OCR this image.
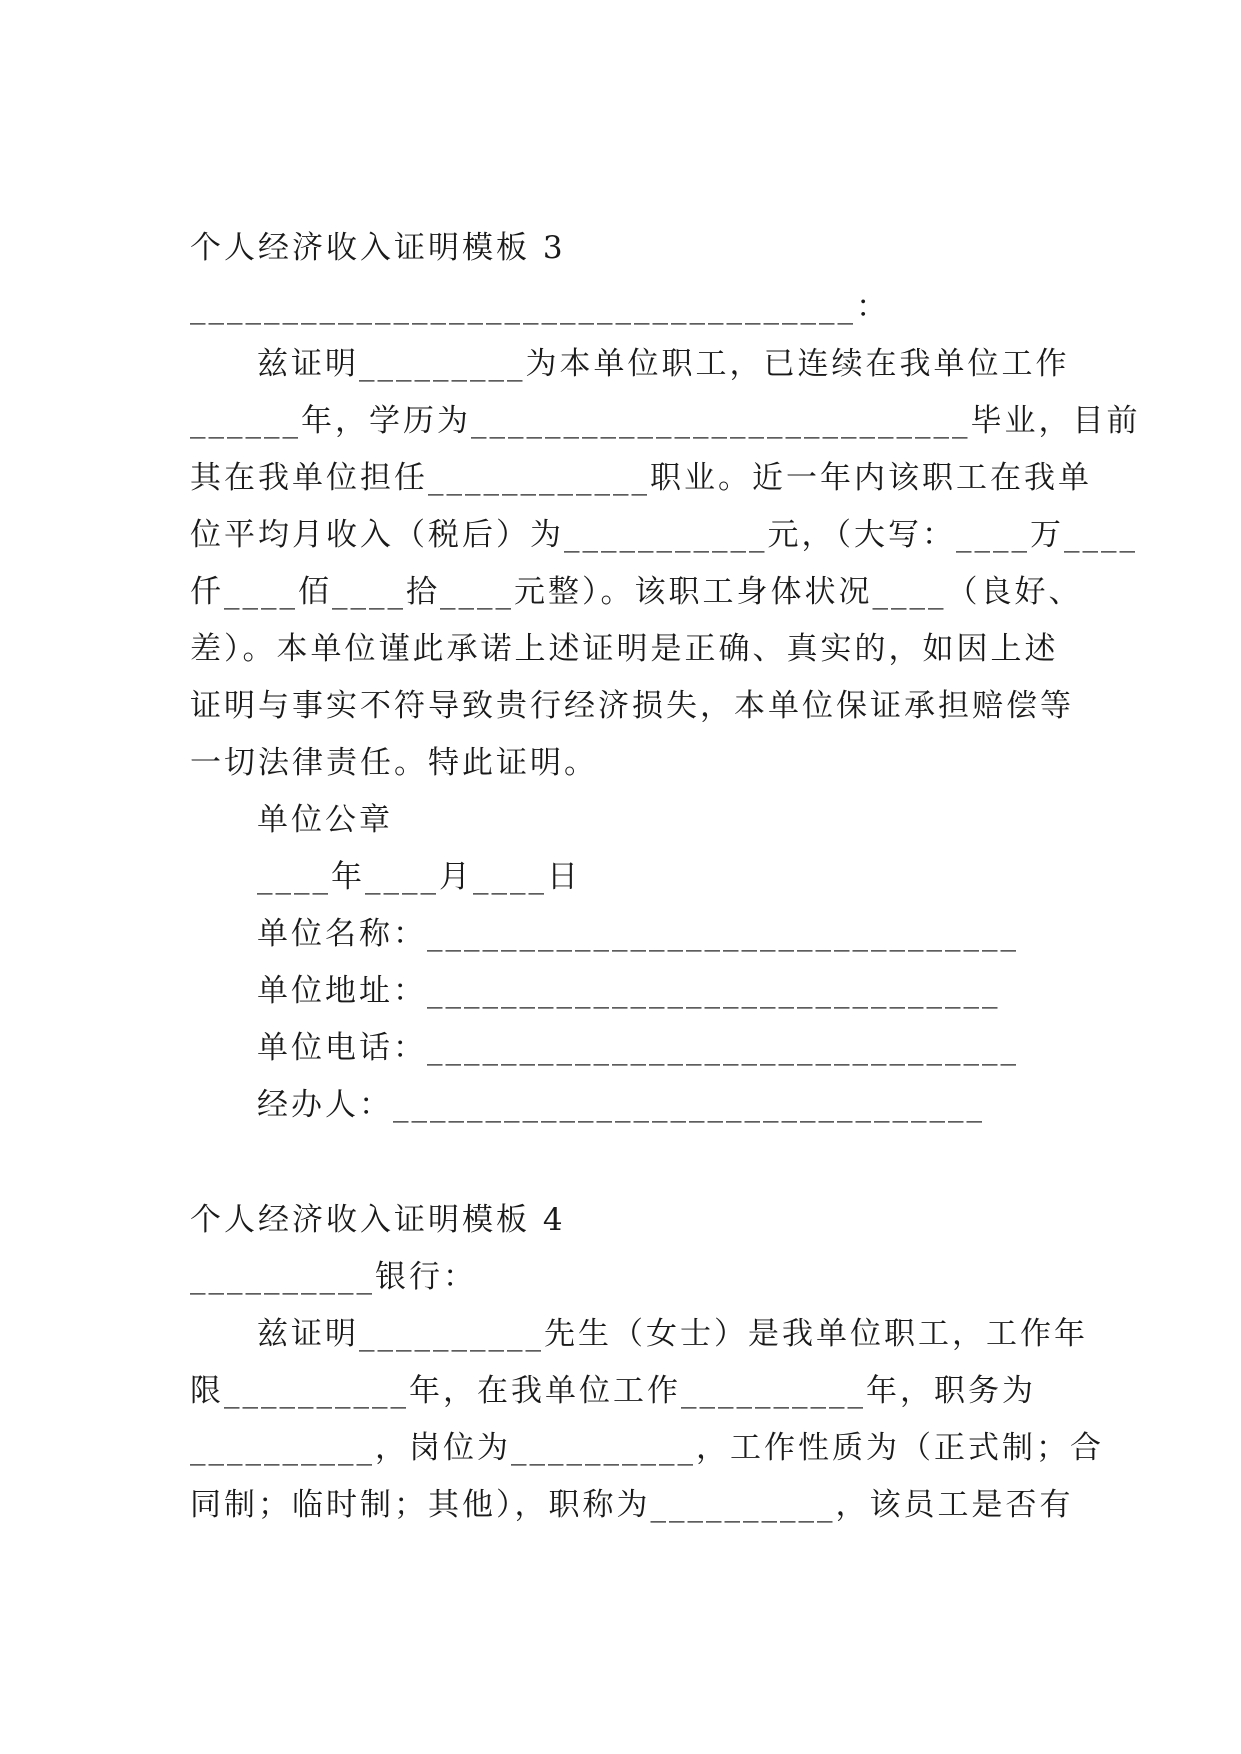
个人经济收入证明模板 3
____________________________________：
兹证明_________为本单位职工，已连续在我单位工作
______年，学历为___________________________毕业，目前
其在我单位担任____________职业。近一年内该职工在我单
位平均月收入（税后）为___________元，（大写：____万____
仟____佰____拾____元整）。该职工身体状况____（良好、
差）。本单位谨此承诺上述证明是正确、真实的，如因上述
证明与事实不符导致贵行经济损失，本单位保证承担赔偿等
一切法律责任。特此证明。
单位公章
____年____月____日
单位名称：________________________________
单位地址：_______________________________
单位电话：________________________________
经办人：________________________________
个人经济收入证明模板 4
__________银行：
兹证明__________先生（女士）是我单位职工，工作年
限__________年，在我单位工作__________年，职务为
__________，岗位为__________，工作性质为（正式制；合
同制；临时制；其他），职称为__________，该员工是否有
